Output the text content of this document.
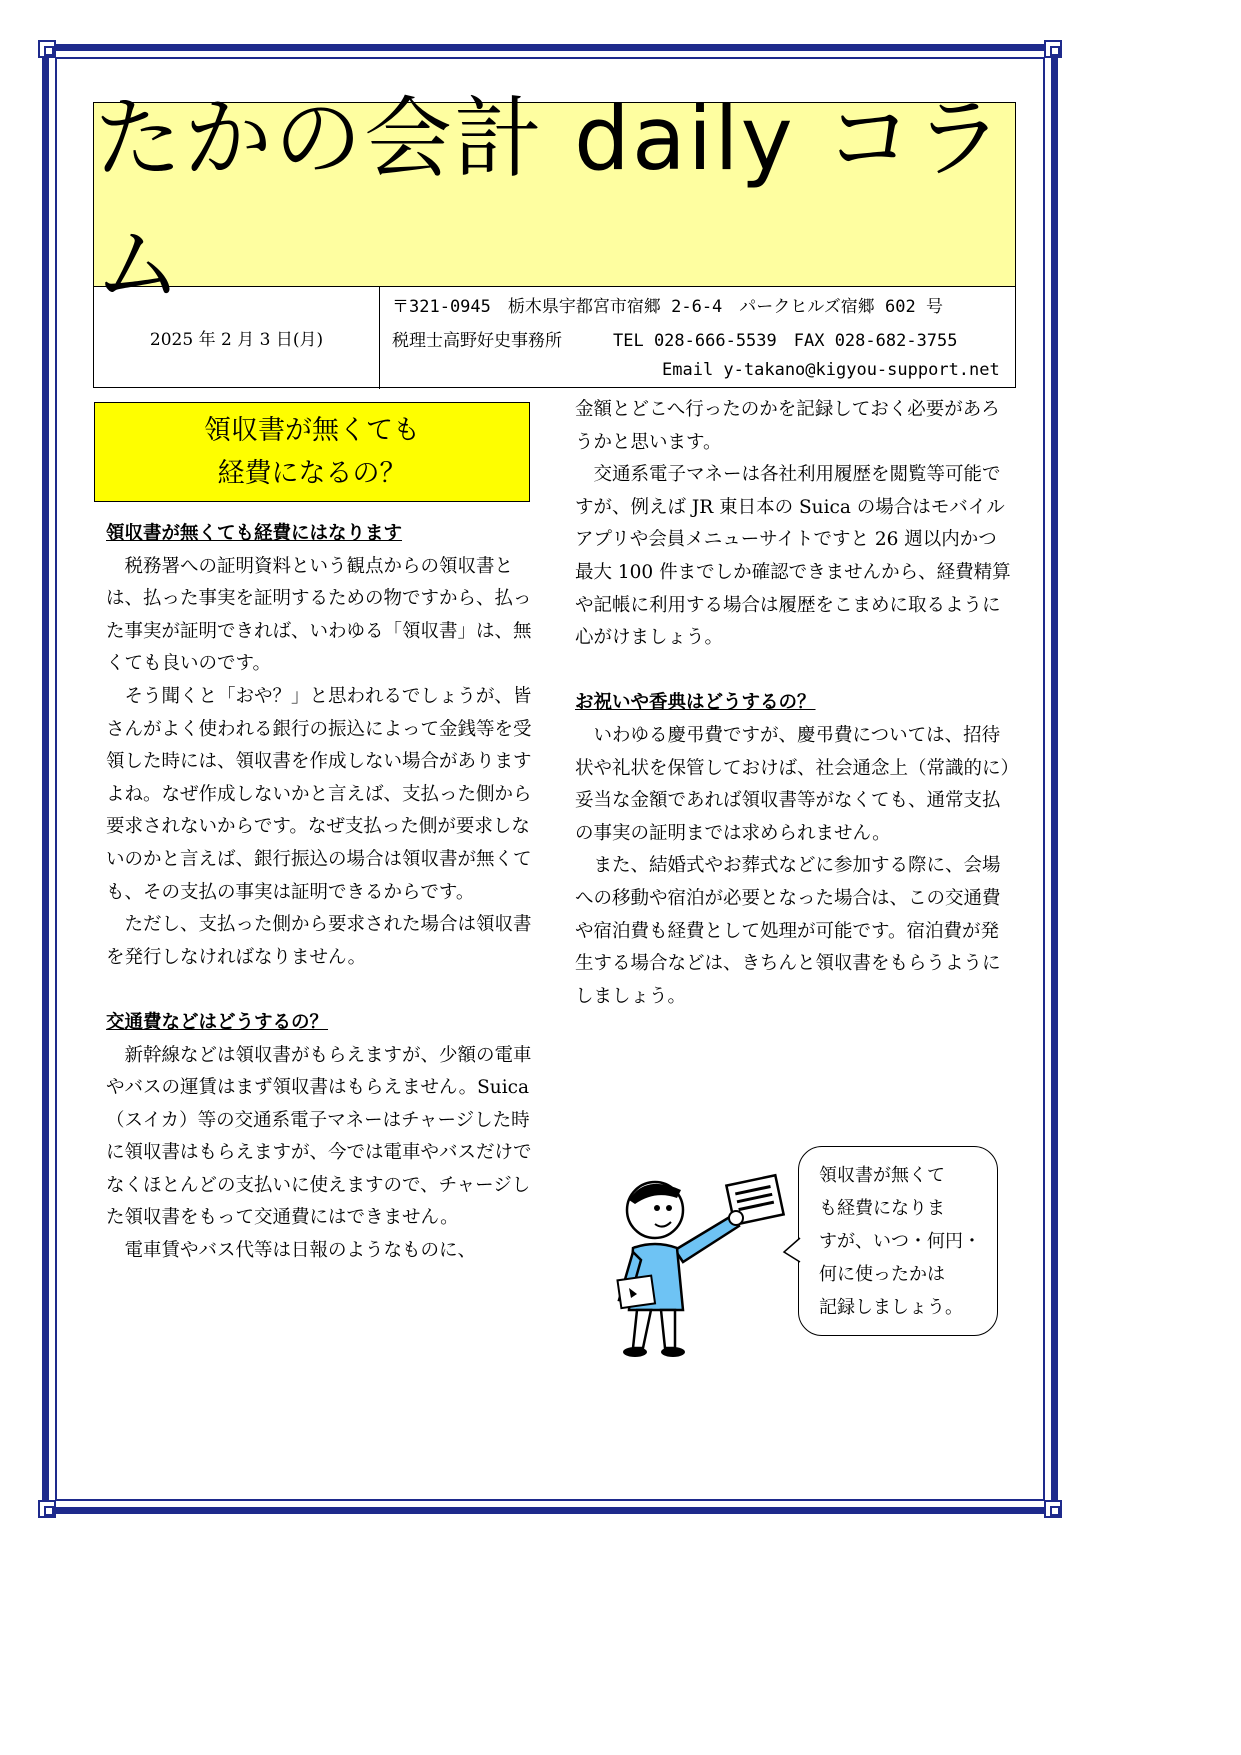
たかの会計 daily コラム
2025 年 2 月 3 日(月)
〒321-0945　栃木県宇都宮市宿郷 2-6-4　パークヒルズ宿郷 602 号
税理士高野好史事務所　　　TEL 028-666-5539　FAX 028-682-3755
Email y-takano@kigyou-support.net
領収書が無くても
経費になるの？

領収書が無くても経費にはなります

　税務署への証明資料という観点からの領収書とは、払った事実を証明するための物ですから、払った事実が証明できれば、いわゆる「領収書」は、無くても良いのです。

　そう聞くと「おや？」と思われるでしょうが、皆さんがよく使われる銀行の振込によって金銭等を受領した時には、領収書を作成しない場合がありますよね。なぜ作成しないかと言えば、支払った側から要求されないからです。なぜ支払った側が要求しないのかと言えば、銀行振込の場合は領収書が無くても、その支払の事実は証明できるからです。

　ただし、支払った側から要求された場合は領収書を発行しなければなりません。

交通費などはどうするの？

　新幹線などは領収書がもらえますが、少額の電車やバスの運賃はまず領収書はもらえません。Suica（スイカ）等の交通系電子マネーはチャージした時に領収書はもらえますが、今では電車やバスだけでなくほとんどの支払いに使えますので、チャージした領収書をもって交通費にはできません。

　電車賃やバス代等は日報のようなものに、

金額とどこへ行ったのかを記録しておく必要があろうかと思います。

　交通系電子マネーは各社利用履歴を閲覧等可能ですが、例えば JR 東日本の Suica の場合はモバイルアプリや会員メニューサイトですと 26 週以内かつ最大 100 件までしか確認できませんから、経費精算や記帳に利用する場合は履歴をこまめに取るように心がけましょう。

お祝いや香典はどうするの？

　いわゆる慶弔費ですが、慶弔費については、招待状や礼状を保管しておけば、社会通念上（常識的に）妥当な金額であれば領収書等がなくても、通常支払の事実の証明までは求められません。

　また、結婚式やお葬式などに参加する際に、会場への移動や宿泊が必要となった場合は、この交通費や宿泊費も経費として処理が可能です。宿泊費が発生する場合などは、きちんと領収書をもらうようにしましょう。

領収書が無くて
も経費になりま
すが、いつ・何円・
何に使ったかは
記録しましょう。
